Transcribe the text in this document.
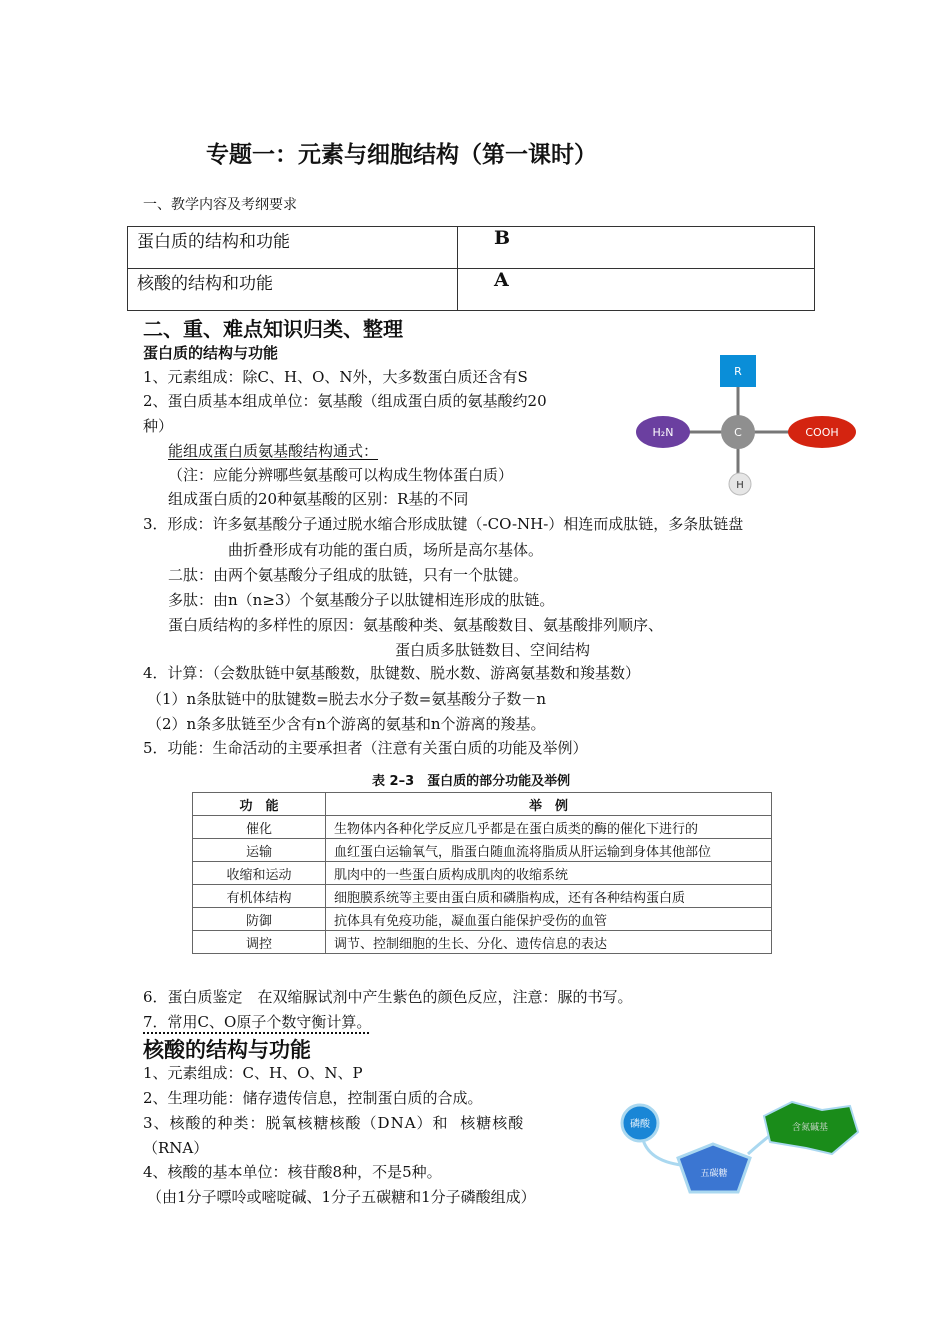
专题一：元素与细胞结构（第一课时）
一、教学内容及考纲要求
蛋白质的结构和功能	B
核酸的结构和功能	A
二、重、难点知识归类、整理
蛋白质的结构与功能
1、元素组成：除C、H、O、N外，大多数蛋白质还含有S
2、蛋白质基本组成单位：氨基酸（组成蛋白质的氨基酸约20
种）
能组成蛋白质氨基酸结构通式：
（注：应能分辨哪些氨基酸可以构成生物体蛋白质）
组成蛋白质的20种氨基酸的区别：R基的不同
R
H₂N	C	COOH
H
3．形成：许多氨基酸分子通过脱水缩合形成肽键（-CO-NH-）相连而成肽链，多条肽链盘
曲折叠形成有功能的蛋白质，场所是高尔基体。
二肽：由两个氨基酸分子组成的肽链，只有一个肽键。
多肽：由n（n≥3）个氨基酸分子以肽键相连形成的肽链。
蛋白质结构的多样性的原因：氨基酸种类、氨基酸数目、氨基酸排列顺序、
蛋白质多肽链数目、空间结构
4．计算：（会数肽链中氨基酸数，肽键数、脱水数、游离氨基数和羧基数）
（1）n条肽链中的肽键数=脱去水分子数=氨基酸分子数－n
（2）n条多肽链至少含有n个游离的氨基和n个游离的羧基。
5．功能：生命活动的主要承担者（注意有关蛋白质的功能及举例）
表 2–3　蛋白质的部分功能及举例
功　能	举　例
催化	生物体内各种化学反应几乎都是在蛋白质类的酶的催化下进行的
运输	血红蛋白运输氧气，脂蛋白随血流将脂质从肝运输到身体其他部位
收缩和运动	肌肉中的一些蛋白质构成肌肉的收缩系统
有机体结构	细胞膜系统等主要由蛋白质和磷脂构成，还有各种结构蛋白质
防御	抗体具有免疫功能，凝血蛋白能保护受伤的血管
调控	调节、控制细胞的生长、分化、遗传信息的表达
6．蛋白质鉴定　在双缩脲试剂中产生紫色的颜色反应，注意：脲的书写。
7．常用C、O原子个数守衡计算。
核酸的结构与功能
1、元素组成：C、H、O、N、P
2、生理功能：储存遗传信息，控制蛋白质的合成。
3、核酸的种类：脱氧核糖核酸（DNA）和 核糖核酸
（RNA）
4、核酸的基本单位：核苷酸8种，不是5种。
（由1分子嘌呤或嘧啶碱、1分子五碳糖和1分子磷酸组成）
磷酸
五碳糖
含氮碱基
